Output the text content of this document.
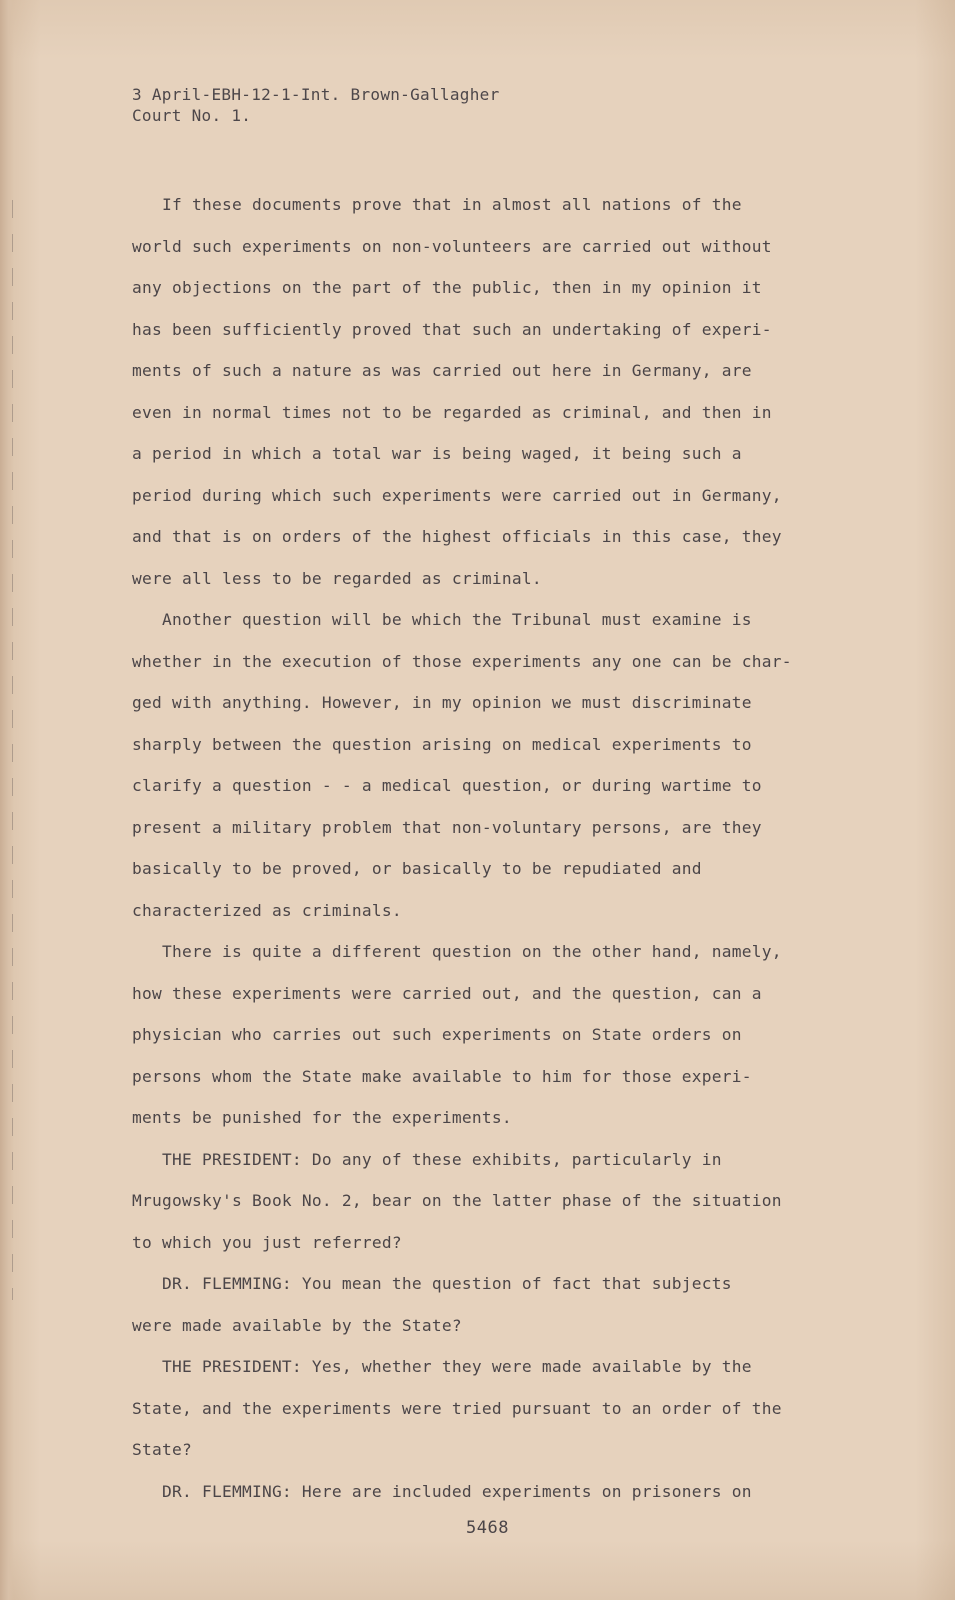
3 April-EBH-12-1-Int. Brown-Gallagher
Court No. 1.
If these documents prove that in almost all nations of the
world such experiments on non-volunteers are carried out without
any objections on the part of the public, then in my opinion it
has been sufficiently proved that such an undertaking of experi-
ments of such a nature as was carried out here in Germany, are
even in normal times not to be regarded as criminal, and then in
a period in which a total war is being waged, it being such a
period during which such experiments were carried out in Germany,
and that is on orders of the highest officials in this case, they
were all less to be regarded as criminal.
Another question will be which the Tribunal must examine is
whether in the execution of those experiments any one can be char-
ged with anything. However, in my opinion we must discriminate
sharply between the question arising on medical experiments to
clarify a question - - a medical question, or during wartime to
present a military problem that non-voluntary persons, are they
basically to be proved, or basically to be repudiated and
characterized as criminals.
There is quite a different question on the other hand, namely,
how these experiments were carried out, and the question, can a
physician who carries out such experiments on State orders on
persons whom the State make available to him for those experi-
ments be punished for the experiments.
THE PRESIDENT: Do any of these exhibits, particularly in
Mrugowsky's Book No. 2, bear on the latter phase of the situation
to which you just referred?
DR. FLEMMING: You mean the question of fact that subjects
were made available by the State?
THE PRESIDENT: Yes, whether they were made available by the
State, and the experiments were tried pursuant to an order of the
State?
DR. FLEMMING: Here are included experiments on prisoners on
5468
